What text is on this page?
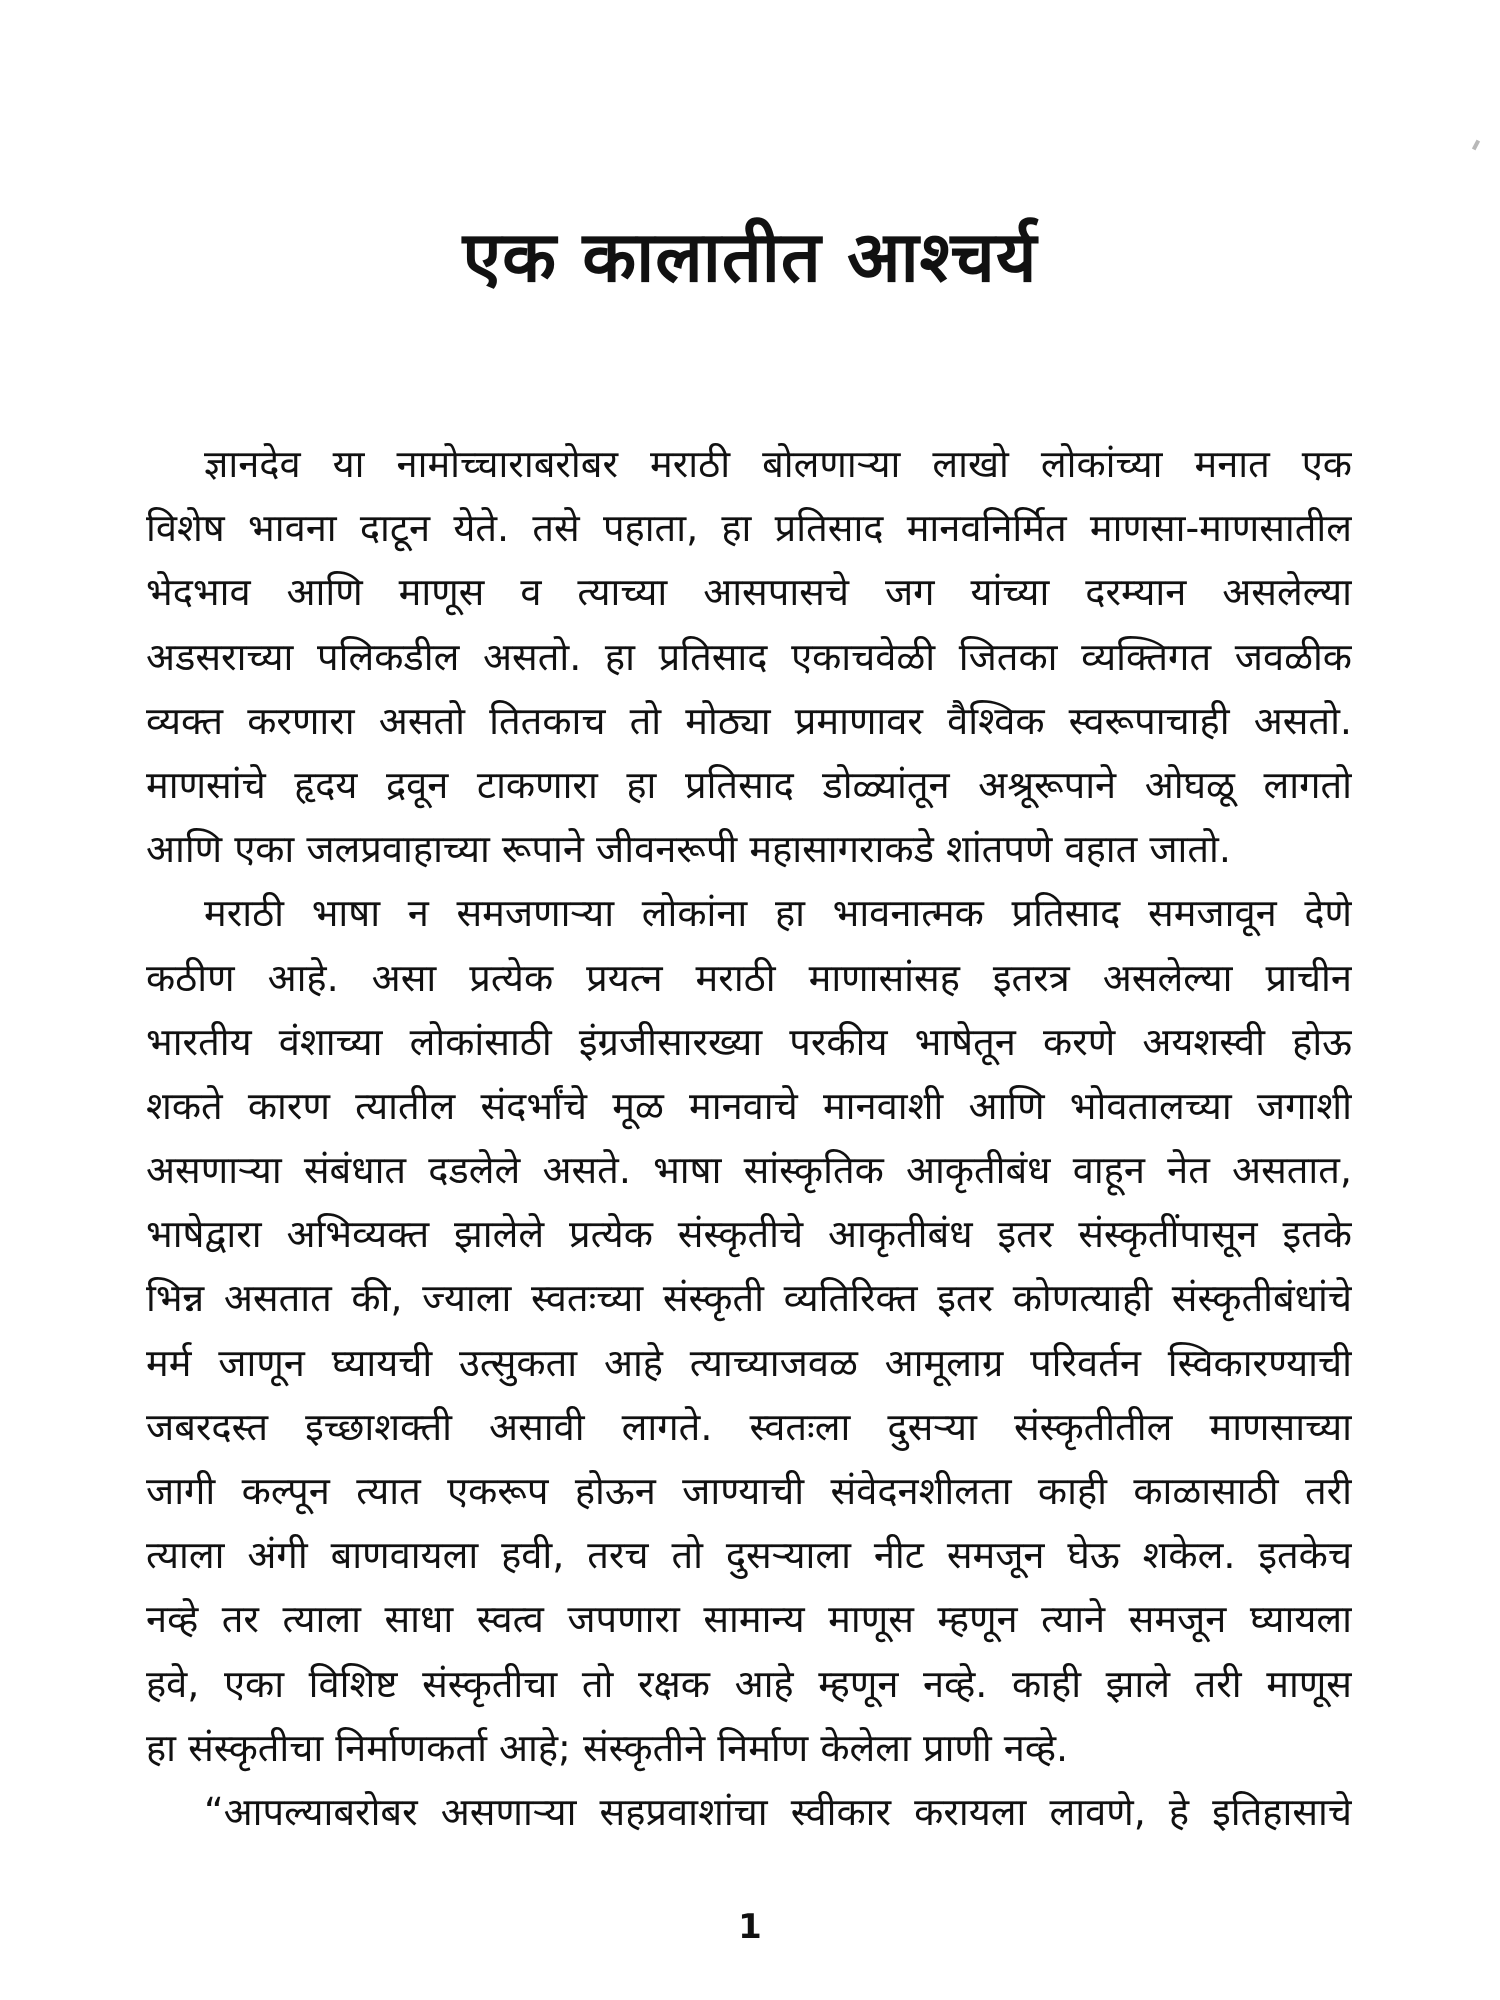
एक कालातीत आश्चर्य
ज्ञानदेव या नामोच्चाराबरोबर मराठी बोलणाऱ्या लाखो लोकांच्या मनात एक
विशेष भावना दाटून येते. तसे पहाता, हा प्रतिसाद मानवनिर्मित माणसा-माणसातील
भेदभाव आणि माणूस व त्याच्या आसपासचे जग यांच्या दरम्यान असलेल्या
अडसराच्या पलिकडील असतो. हा प्रतिसाद एकाचवेळी जितका व्यक्तिगत जवळीक
व्यक्त करणारा असतो तितकाच तो मोठ्या प्रमाणावर वैश्विक स्वरूपाचाही असतो.
माणसांचे हृदय द्रवून टाकणारा हा प्रतिसाद डोळ्यांतून अश्रूरूपाने ओघळू लागतो
आणि एका जलप्रवाहाच्या रूपाने जीवनरूपी महासागराकडे शांतपणे वहात जातो.
मराठी भाषा न समजणाऱ्या लोकांना हा भावनात्मक प्रतिसाद समजावून देणे
कठीण आहे. असा प्रत्येक प्रयत्न मराठी माणासांसह इतरत्र असलेल्या प्राचीन
भारतीय वंशाच्या लोकांसाठी इंग्रजीसारख्या परकीय भाषेतून करणे अयशस्वी होऊ
शकते कारण त्यातील संदर्भांचे मूळ मानवाचे मानवाशी आणि भोवतालच्या जगाशी
असणाऱ्या संबंधात दडलेले असते. भाषा सांस्कृतिक आकृतीबंध वाहून नेत असतात,
भाषेद्वारा अभिव्यक्त झालेले प्रत्येक संस्कृतीचे आकृतीबंध इतर संस्कृतींपासून इतके
भिन्न असतात की, ज्याला स्वतःच्या संस्कृती व्यतिरिक्त इतर कोणत्याही संस्कृतीबंधांचे
मर्म जाणून घ्यायची उत्सुकता आहे त्याच्याजवळ आमूलाग्र परिवर्तन स्विकारण्याची
जबरदस्त इच्छाशक्ती असावी लागते. स्वतःला दुसऱ्या संस्कृतीतील माणसाच्या
जागी कल्पून त्यात एकरूप होऊन जाण्याची संवेदनशीलता काही काळासाठी तरी
त्याला अंगी बाणवायला हवी, तरच तो दुसऱ्याला नीट समजून घेऊ शकेल. इतकेच
नव्हे तर त्याला साधा स्वत्व जपणारा सामान्य माणूस म्हणून त्याने समजून घ्यायला
हवे, एका विशिष्ट संस्कृतीचा तो रक्षक आहे म्हणून नव्हे. काही झाले तरी माणूस
हा संस्कृतीचा निर्माणकर्ता आहे; संस्कृतीने निर्माण केलेला प्राणी नव्हे.
“आपल्याबरोबर असणाऱ्या सहप्रवाशांचा स्वीकार करायला लावणे, हे इतिहासाचे
1
